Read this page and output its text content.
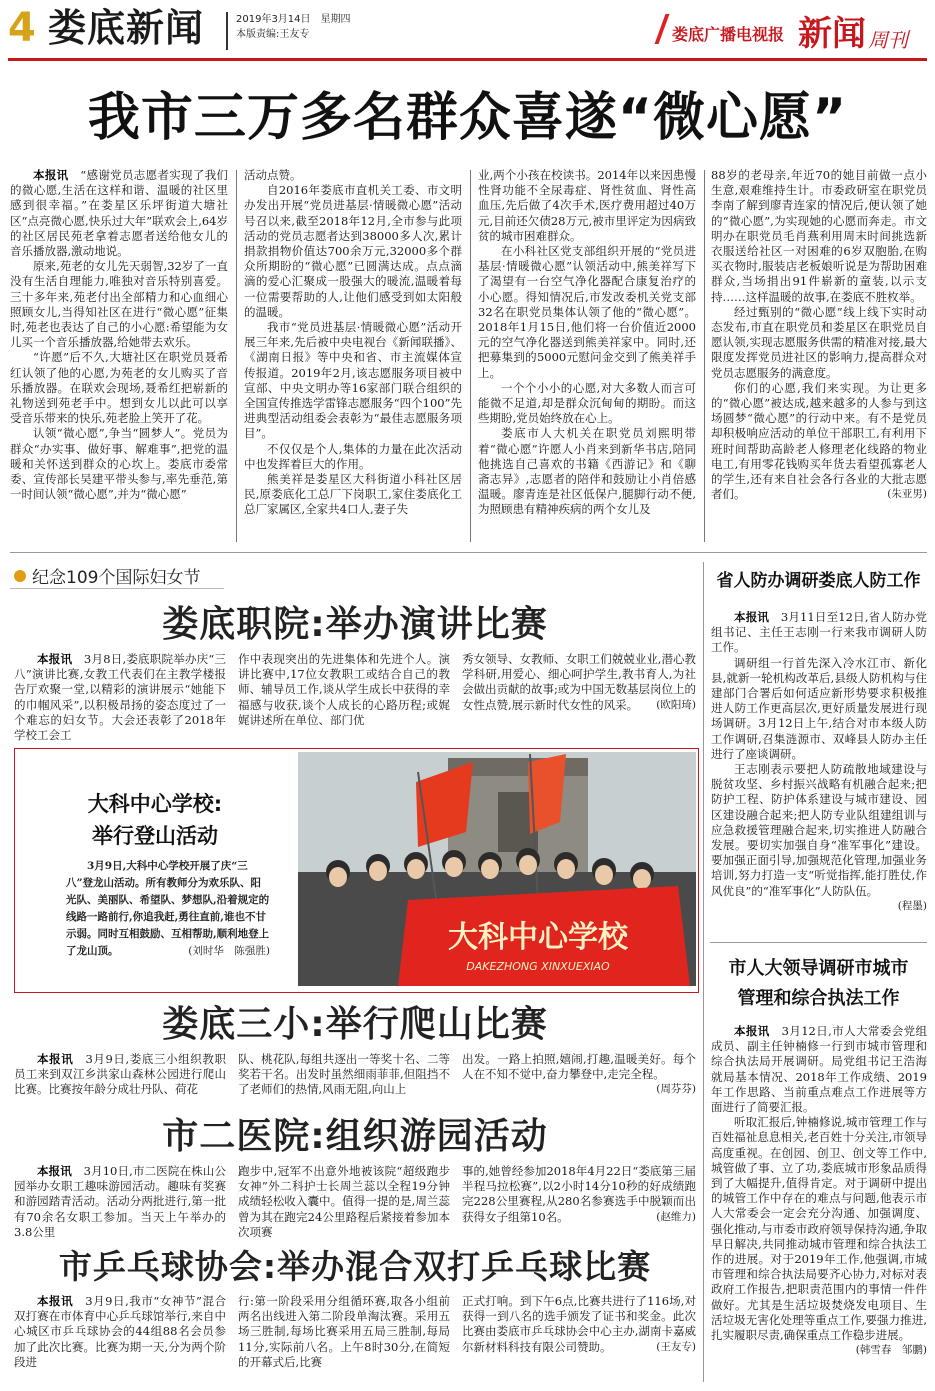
4 娄底新闻	2019年3月14日　星期四
本版责编:王友专	娄底广播电视报 新闻 周刊
我市三万多名群众喜遂“微心愿”

本报讯　 “感谢党员志愿者实现了我们的微心愿,生活在这样和谐、温暖的社区里感到很幸福。”在娄星区乐坪街道大塘社区“点亮微心愿,快乐过大年”联欢会上,64岁的社区居民苑老拿着志愿者送给他女儿的音乐播放器,激动地说。

原来,苑老的女儿先天弱智,32岁了一直没有生活自理能力,唯独对音乐特别喜爱。三十多年来,苑老付出全部精力和心血细心照顾女儿,当得知社区在进行“微心愿”征集时,苑老也表达了自己的小心愿:希望能为女儿买一个音乐播放器,给她带去欢乐。

“许愿”后不久,大塘社区在职党员聂希红认领了他的心愿,为苑老的女儿购买了音乐播放器。在联欢会现场,聂希红把崭新的礼物送到苑老手中。想到女儿以此可以享受音乐带来的快乐,苑老脸上笑开了花。

认领“微心愿”,争当“圆梦人”。党员为群众“办实事、做好事、解难事”,把党的温暖和关怀送到群众的心坎上。娄底市委常委、宣传部长吴建平带头参与,率先垂范,第一时间认领“微心愿”,并为“微心愿”

活动点赞。

自2016年娄底市直机关工委、市文明办发出开展“党员进基层·情暖微心愿”活动号召以来,截至2018年12月,全市参与此项活动的党员志愿者达到38000多人次,累计捐款捐物价值达700余万元,32000多个群众所期盼的“微心愿”已圆满达成。点点滴滴的爱心汇聚成一股强大的暖流,温暖着每一位需要帮助的人,让他们感受到如太阳般的温暖。

我市“党员进基层·情暖微心愿”活动开展三年来,先后被中央电视台《新闻联播》、《湖南日报》等中央和省、市主流媒体宣传报道。2019年2月,该志愿服务项目被中宣部、中央文明办等16家部门联合组织的全国宣传推选学雷锋志愿服务“四个100”先进典型活动组委会表彰为“最佳志愿服务项目”。

不仅仅是个人,集体的力量在此次活动中也发挥着巨大的作用。

熊美祥是娄星区大科街道小科社区居民,原娄底化工总厂下岗职工,家住娄底化工总厂家属区,全家共4口人,妻子失

业,两个小孩在校读书。2014年以来因患慢性肾功能不全尿毒症、肾性贫血、肾性高血压,先后做了4次手术,医疗费用超过40万元,目前还欠债28万元,被市里评定为因病致贫的城市困难群众。

在小科社区党支部组织开展的“党员进基层·情暖微心愿”认领活动中,熊美祥写下了渴望有一台空气净化器配合康复治疗的小心愿。得知情况后,市发改委机关党支部32名在职党员集体认领了他的“微心愿”。2018年1月15日,他们将一台价值近2000元的空气净化器送到熊美祥家中。同时,还把募集到的5000元慰问金交到了熊美祥手上。

一个个小小的心愿,对大多数人而言可能微不足道,却是群众沉甸甸的期盼。而这些期盼,党员始终放在心上。

娄底市人大机关在职党员刘熙明带着“微心愿”许愿人小肖来到新华书店,陪同他挑选自己喜欢的书籍《西游记》和《聊斋志异》,志愿者的陪伴和鼓励让小肖倍感温暖。廖青连是社区低保户,腿脚行动不便,为照顾患有精神疾病的两个女儿及

88岁的老母亲,年近70的她目前做一点小生意,艰难维持生计。市委政研室在职党员李南了解到廖青连家的情况后,便认领了她的“微心愿”,为实现她的心愿而奔走。市文明办在职党员毛肖燕利用周末时间挑选新衣服送给社区一对困难的6岁双胞胎,在购买衣物时,服装店老板娘听说是为帮助困难群众,当场捐出91件崭新的童装,以示支持……这样温暖的故事,在娄底不胜枚举。

经过甄别的“微心愿”线上线下实时动态发布,市直在职党员和娄星区在职党员自愿认领,实现志愿服务供需的精准对接,最大限度发挥党员进社区的影响力,提高群众对党员志愿服务的满意度。

你们的心愿,我们来实现。为让更多的“微心愿”被达成,越来越多的人参与到这场圆梦“微心愿”的行动中来。有不是党员却积极响应活动的单位干部职工,有利用下班时间帮助高龄老人修理老化线路的物业电工,有用零花钱购买年货去看望孤寡老人的学生,还有来自社会各行各业的大批志愿者们。	(朱亚男)

纪念109个国际妇女节
娄底职院:举办演讲比赛

本报讯　 3月8日,娄底职院举办庆“三八”演讲比赛,女教工代表们在主教学楼报告厅欢聚一堂,以精彩的演讲展示“她能下的巾帼风采”,以积极昂扬的姿态度过了一个难忘的妇女节。大会还表彰了2018年学校工会工

作中表现突出的先进集体和先进个人。演讲比赛中,17位女教职工或结合自己的教师、辅导员工作,谈从学生成长中获得的幸福感与收获,谈个人成长的心路历程;或娓娓讲述所在单位、部门优

秀女领导、女教师、女职工们兢兢业业,潜心教学科研,用爱心、细心呵护学生,教书育人,为社会做出贡献的故事;或为中国无数基层岗位上的女性点赞,展示新时代女性的风采。 (欧阳琦)

大科中心学校:
举行登山活动
3月9日,大科中心学校开展了庆“三八”登龙山活动。所有教师分为欢乐队、阳光队、美丽队、希望队、梦想队,沿着规定的线路一路前行,你追我赶,勇往直前,谁也不甘示弱。同时互相鼓励、互相帮助,顺利地登上了龙山顶。	(刘时华　陈强胜)	大科中心学校
DAKEZHONG XINXUEXIAO
娄底三小:举行爬山比赛

本报讯　 3月9日,娄底三小组织教职员工来到双江乡洪家山森林公园进行爬山比赛。比赛按年龄分成壮丹队、荷花

队、桃花队,每组共逐出一等奖十名、二等奖若干名。出发时虽然细雨菲菲,但阻挡不了老师们的热情,风雨无阻,向山上

出发。一路上拍照,嬉闹,打趣,温暖美好。每个人在不知不觉中,奋力攀登中,走完全程。
(周芬芬)

市二医院:组织游园活动

本报讯　 3月10日,市二医院在株山公园举办女职工趣味游园活动。趣味有奖赛和游园踏青活动。活动分两批进行,第一批有70余名女职工参加。当天上午举办的3.8公里

跑步中,冠军不出意外地被该院“超级跑步女神”外二科护士长周兰蕊以全程19分钟成绩轻松收入囊中。值得一提的是,周兰蕊曾为其在跑完24公里路程后紧接着参加本次项赛

事的,她曾经参加2018年4月22日“娄底第三届半程马拉松赛”,以2小时14分10秒的好成绩跑完228公里赛程,从280名参赛选手中脱颖而出获得女子组第10名。	(赵维力)

市乒乓球协会:举办混合双打乒乓球比赛

本报讯　 3月9日,我市“女神节”混合双打赛在市体育中心乒乓球馆举行,来自中心城区市乒乓球协会的44组88名会员参加了此次比赛。比赛为期一天,分为两个阶段进

行:第一阶段采用分组循环赛,取各小组前两名出线进入第二阶段单淘汰赛。采用五场三胜制,每场比赛采用五局三胜制,每局11分,实际前八名。上午8时30分,在简短的开幕式后,比赛

正式打响。到下午6点,比赛共进行了116场,对获得一到八名的选手颁发了证书和奖金。此次比赛由娄底市乒乓球协会中心主办,湖南卡嘉威尔新材料科技有限公司赞助。	(王友专)

省人防办调研娄底人防工作

本报讯　 3月11日至12日,省人防办党组书记、主任王志刚一行来我市调研人防工作。

调研组一行首先深入冷水江市、新化县,就新一轮机构改革后,县级人防机构与住建部门合署后如何适应新形势要求积极推进人防工作更高层次,更好质量发展进行现场调研。3月12日上午,结合对市本级人防工作调研,召集涟源市、双峰县人防办主任进行了座谈调研。

王志刚表示要把人防疏散地域建设与脱贫攻坚、乡村振兴战略有机融合起来;把防护工程、防护体系建设与城市建设、园区建设融合起来;把人防专业队组建组训与应急救援管理融合起来,切实推进人防融合发展。要切实加强自身“准军事化”建设。要加强正面引导,加强规范化管理,加强业务培训,努力打造一支“听觉指挥,能打胜仗,作风优良”的“准军事化”人防队伍。
(程墨)

市人大领导调研市城市
管理和综合执法工作

本报讯　 3月12日,市人大常委会党组成员、副主任钟楠修一行到市城市管理和综合执法局开展调研。局党组书记王浩海就局基本情况、2018年工作成绩、2019年工作思路、当前重点难点工作进展等方面进行了简要汇报。

听取汇报后,钟楠修说,城市管理工作与百姓福祉息息相关,老百姓十分关注,市领导高度重视。在创园、创卫、创文等工作中,城管做了事、立了功,娄底城市形象品质得到了大幅提升,值得肯定。对于调研中提出的城管工作中存在的难点与问题,他表示市人大常委会一定会充分沟通、加强调度、强化推动,与市委市政府领导保持沟通,争取早日解决,共同推动城市管理和综合执法工作的进展。对于2019年工作,他强调,市城市管理和综合执法局要齐心协力,对标对表政府工作报告,把职责范围内的事情一件件做好。尤其是生活垃圾焚烧发电项目、生活垃圾无害化处理等重点工作,要强力推进,扎实履职尽责,确保重点工作稳步进展。
(韩雪春　邹鹏)
